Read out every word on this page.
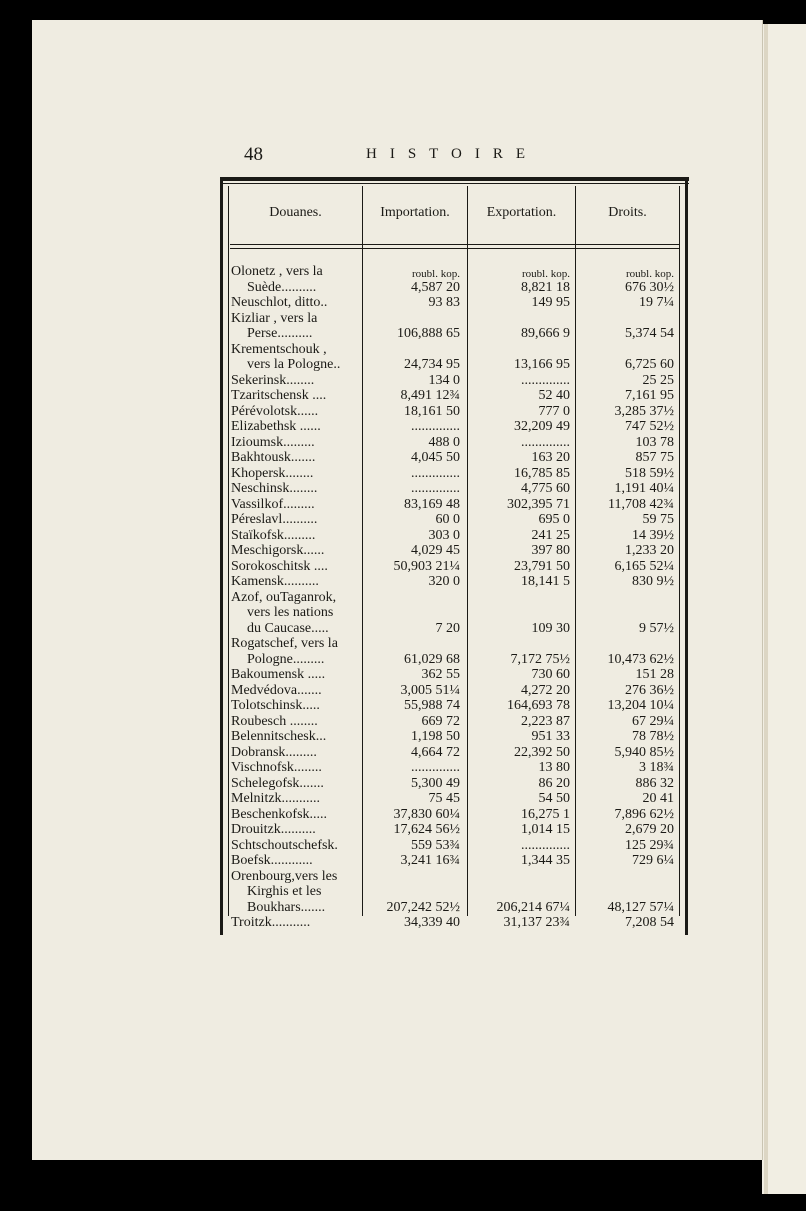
48	HISTOIRE
Douanes.	Importation.	Exportation.	Droits.
roubl. kop.	roubl. kop.	roubl. kop.
Olonetz , vers la
Suède..........	4,587 20	8,821 18	676 30½
Neuschlot, ditto..	93 83	149 95	19 7¼
Kizliar , vers la
Perse..........	106,888 65	89,666 9	5,374 54
Krementschouk ,
vers la Pologne..	24,734 95	13,166 95	6,725 60
Sekerinsk........	134 0	..............	25 25
Tzaritschensk ....	8,491 12¾	52 40	7,161 95
Pérévolotsk......	18,161 50	777 0	3,285 37½
Elizabethsk ......	..............	32,209 49	747 52½
Izioumsk.........	488 0	..............	103 78
Bakhtousk.......	4,045 50	163 20	857 75
Khopersk........	..............	16,785 85	518 59½
Neschinsk........	..............	4,775 60	1,191 40¼
Vassilkof.........	83,169 48	302,395 71	11,708 42¾
Péreslavl..........	60 0	695 0	59 75
Staïkofsk.........	303 0	241 25	14 39½
Meschigorsk......	4,029 45	397 80	1,233 20
Sorokoschitsk ....	50,903 21¼	23,791 50	6,165 52¼
Kamensk..........	320 0	18,141 5	830 9½
Azof, ouTaganrok,
vers les nations
du Caucase.....	7 20	109 30	9 57½
Rogatschef, vers la
Pologne.........	61,029 68	7,172 75½	10,473 62½
Bakoumensk .....	362 55	730 60	151 28
Medvédova.......	3,005 51¼	4,272 20	276 36½
Tolotschinsk.....	55,988 74	164,693 78	13,204 10¼
Roubesch ........	669 72	2,223 87	67 29¼
Belennitschesk...	1,198 50	951 33	78 78½
Dobransk.........	4,664 72	22,392 50	5,940 85½
Vischnofsk........	..............	13 80	3 18¾
Schelegofsk.......	5,300 49	86 20	886 32
Melnitzk...........	75 45	54 50	20 41
Beschenkofsk.....	37,830 60¼	16,275 1	7,896 62½
Drouitzk..........	17,624 56½	1,014 15	2,679 20
Schtschoutschefsk.	559 53¾	..............	125 29¾
Boefsk............	3,241 16¾	1,344 35	729 6¼
Orenbourg,vers les
Kirghis et les
Boukhars.......	207,242 52½	206,214 67¼	48,127 57¼
Troitzk...........	34,339 40	31,137 23¾	7,208 54
